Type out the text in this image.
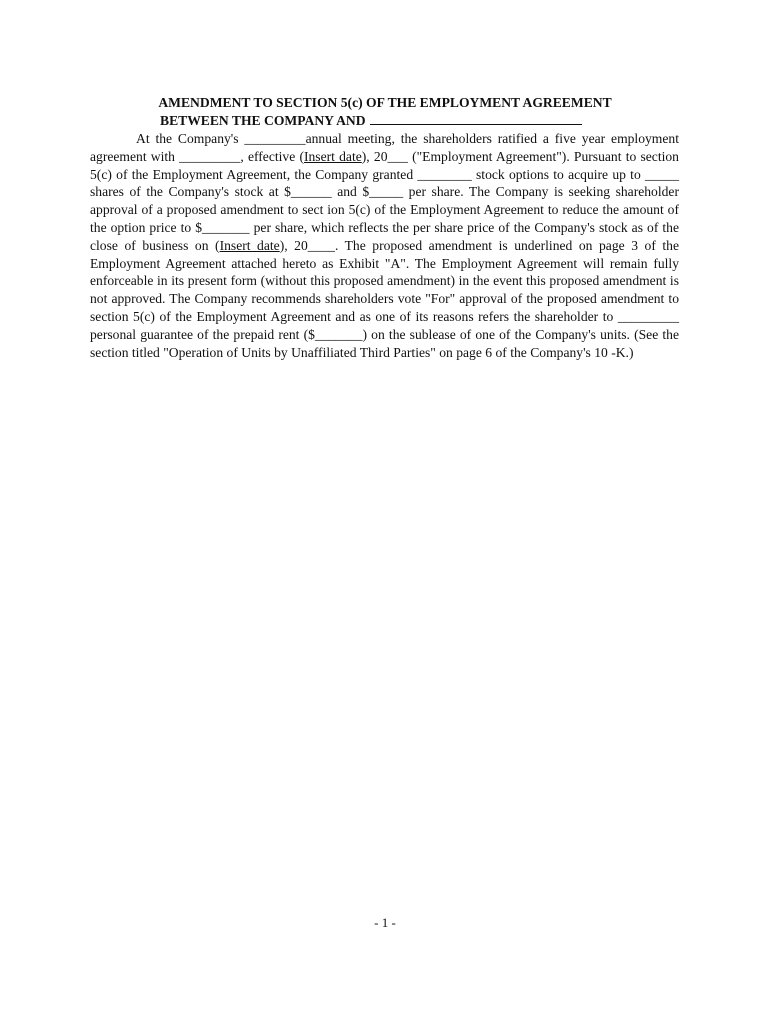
AMENDMENT TO SECTION 5(c) OF THE EMPLOYMENT AGREEMENT
BETWEEN THE COMPANY AND

At the Company's _________annual meeting, the shareholders ratified a five year employment agreement with _________, effective (Insert date), 20___ ("Employment Agreement"). Pursuant to section 5(c) of the Employment Agreement, the Company granted ________ stock options to acquire up to _____ shares of the Company's stock at $______ and $_____ per share. The Company is seeking shareholder approval of a proposed amendment to sect ion 5(c) of the Employment Agreement to reduce the amount of the option price to $_______ per share, which reflects the per share price of the Company's stock as of the close of business on (Insert date), 20____. The proposed amendment is underlined on page 3 of the Employment Agreement attached hereto as Exhibit "A". The Employment Agreement will remain fully enforceable in its present form (without this proposed amendment) in the event this proposed amendment is not approved. The Company recommends shareholders vote "For" approval of the proposed amendment to section 5(c) of the Employment Agreement and as one of its reasons refers the shareholder to _________ personal guarantee of the prepaid rent ($_______) on the sublease of one of the Company's units. (See the section titled "Operation of Units by Unaffiliated Third Parties" on page 6 of the Company's 10 -K.)

- 1 -
